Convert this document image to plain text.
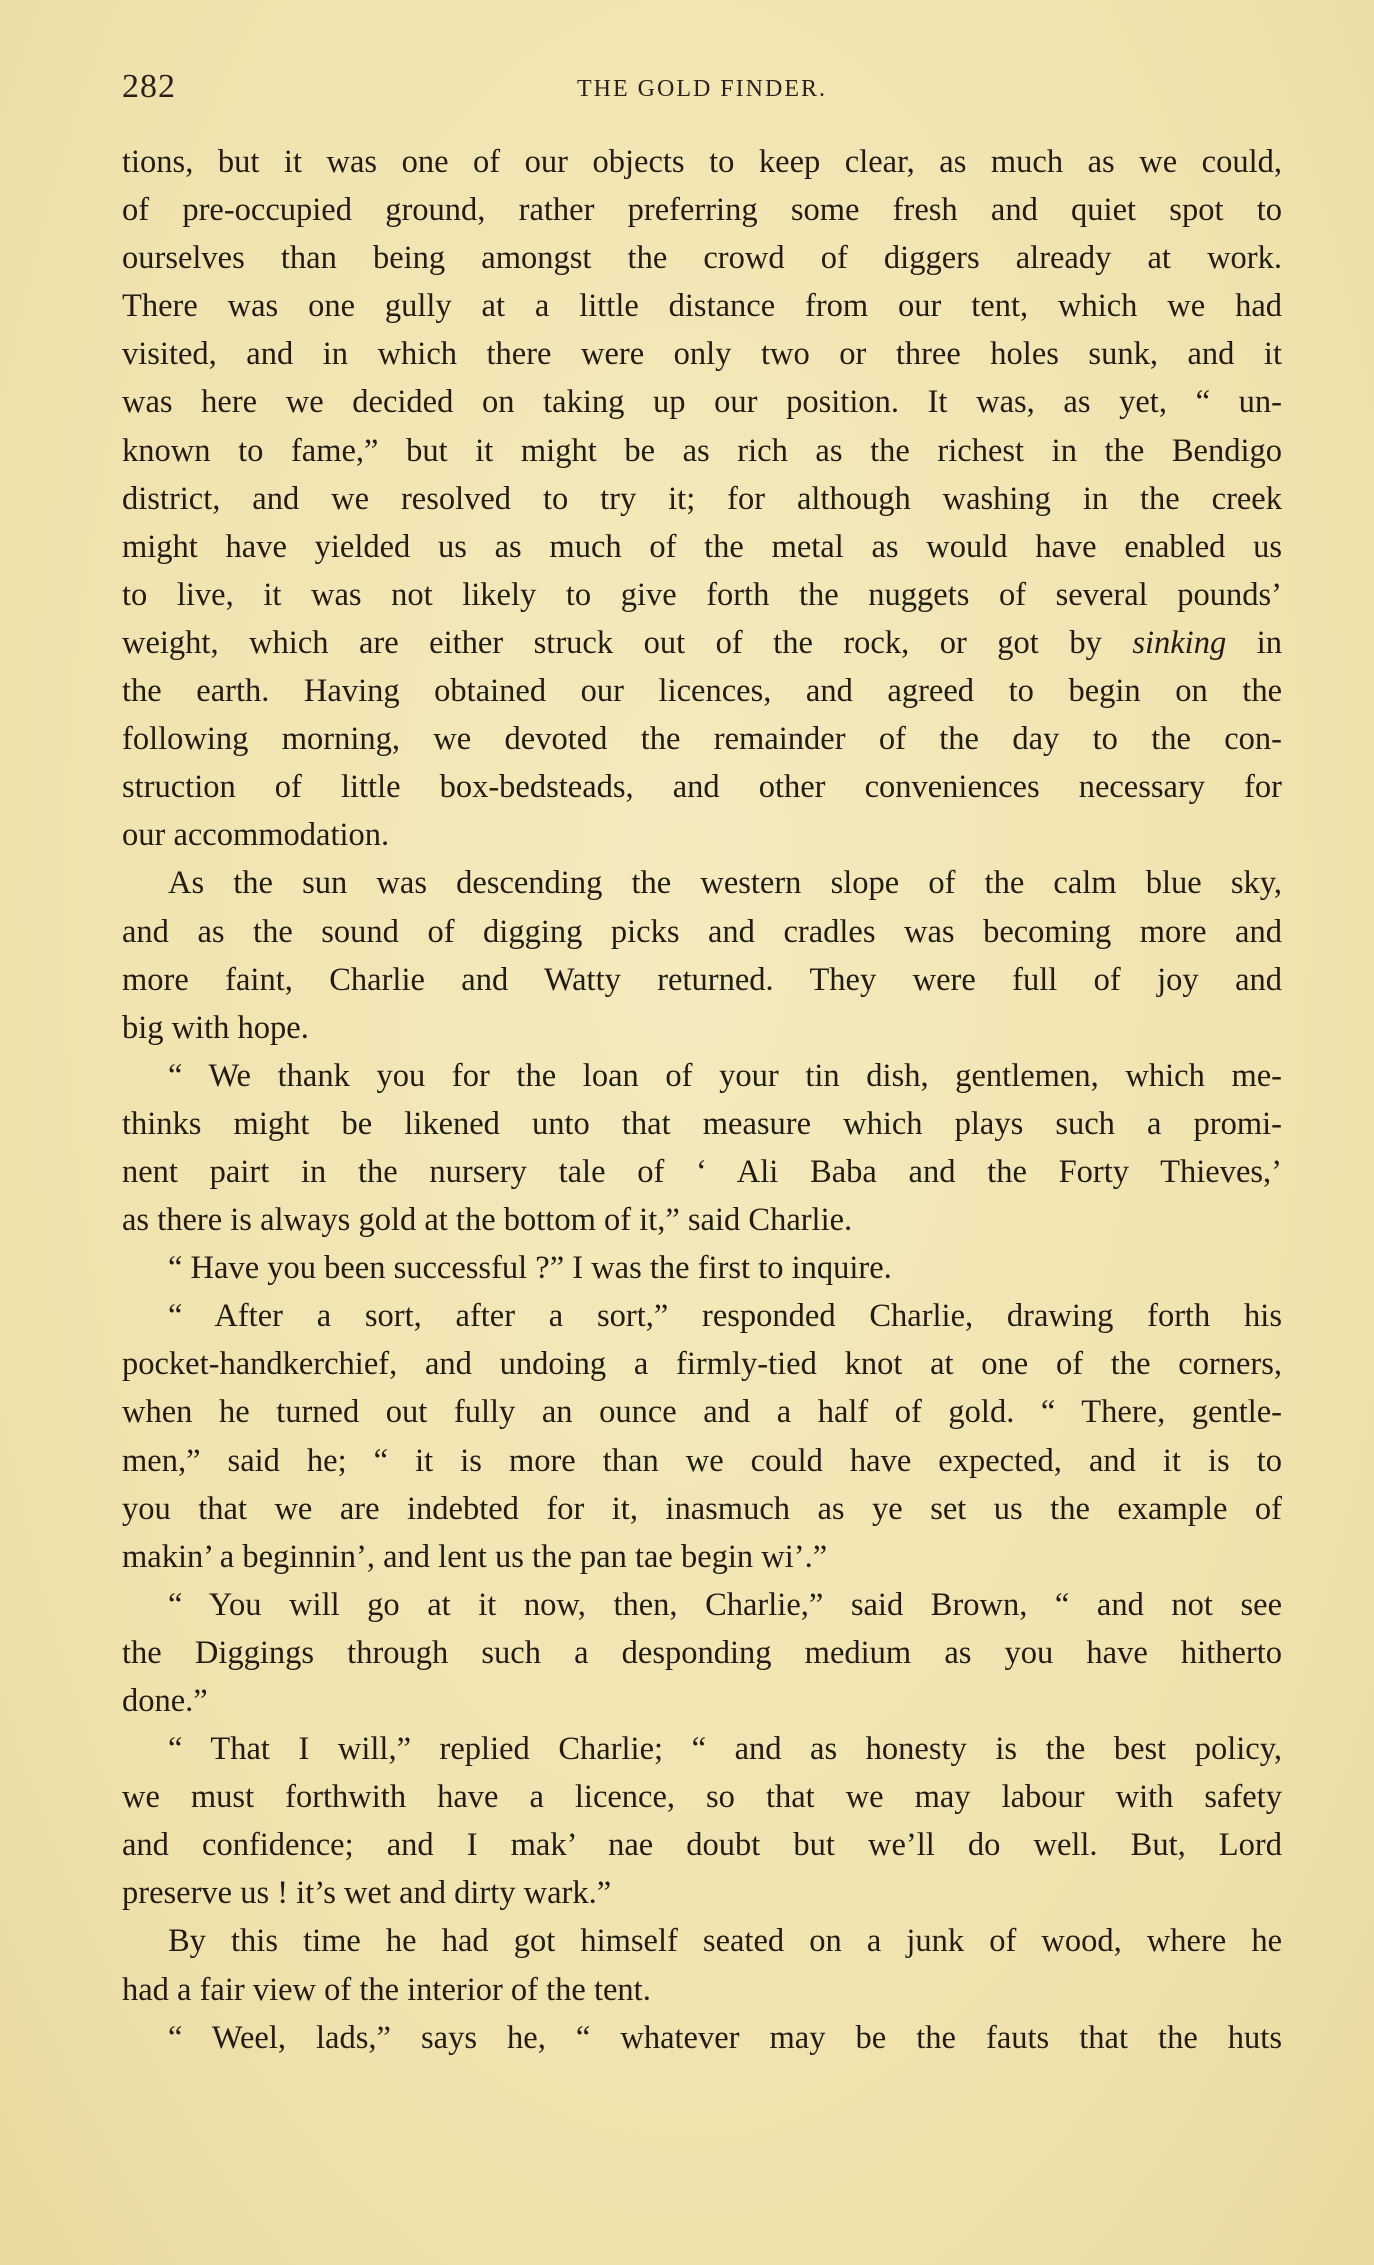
282	THE GOLD FINDER.
tions, but it was one of our objects to keep clear, as much as we could,
of pre-occupied ground, rather preferring some fresh and quiet spot to
ourselves than being amongst the crowd of diggers already at work.
There was one gully at a little distance from our tent, which we had
visited, and in which there were only two or three holes sunk, and it
was here we decided on taking up our position. It was, as yet, “ un-
known to fame,” but it might be as rich as the richest in the Bendigo
district, and we resolved to try it; for although washing in the creek
might have yielded us as much of the metal as would have enabled us
to live, it was not likely to give forth the nuggets of several pounds’
weight, which are either struck out of the rock, or got by sinking in
the earth. Having obtained our licences, and agreed to begin on the
following morning, we devoted the remainder of the day to the con-
struction of little box-bedsteads, and other conveniences necessary for
our accommodation.
As the sun was descending the western slope of the calm blue sky,
and as the sound of digging picks and cradles was becoming more and
more faint, Charlie and Watty returned. They were full of joy and
big with hope.
“ We thank you for the loan of your tin dish, gentlemen, which me-
thinks might be likened unto that measure which plays such a promi-
nent pairt in the nursery tale of ‘ Ali Baba and the Forty Thieves,’
as there is always gold at the bottom of it,” said Charlie.
“ Have you been successful ?” I was the first to inquire.
“ After a sort, after a sort,” responded Charlie, drawing forth his
pocket-handkerchief, and undoing a firmly-tied knot at one of the corners,
when he turned out fully an ounce and a half of gold. “ There, gentle-
men,” said he; “ it is more than we could have expected, and it is to
you that we are indebted for it, inasmuch as ye set us the example of
makin’ a beginnin’, and lent us the pan tae begin wi’.”
“ You will go at it now, then, Charlie,” said Brown, “ and not see
the Diggings through such a desponding medium as you have hitherto
done.”
“ That I will,” replied Charlie; “ and as honesty is the best policy,
we must forthwith have a licence, so that we may labour with safety
and confidence; and I mak’ nae doubt but we’ll do well. But, Lord
preserve us ! it’s wet and dirty wark.”
By this time he had got himself seated on a junk of wood, where he
had a fair view of the interior of the tent.
“ Weel, lads,” says he, “ whatever may be the fauts that the huts
